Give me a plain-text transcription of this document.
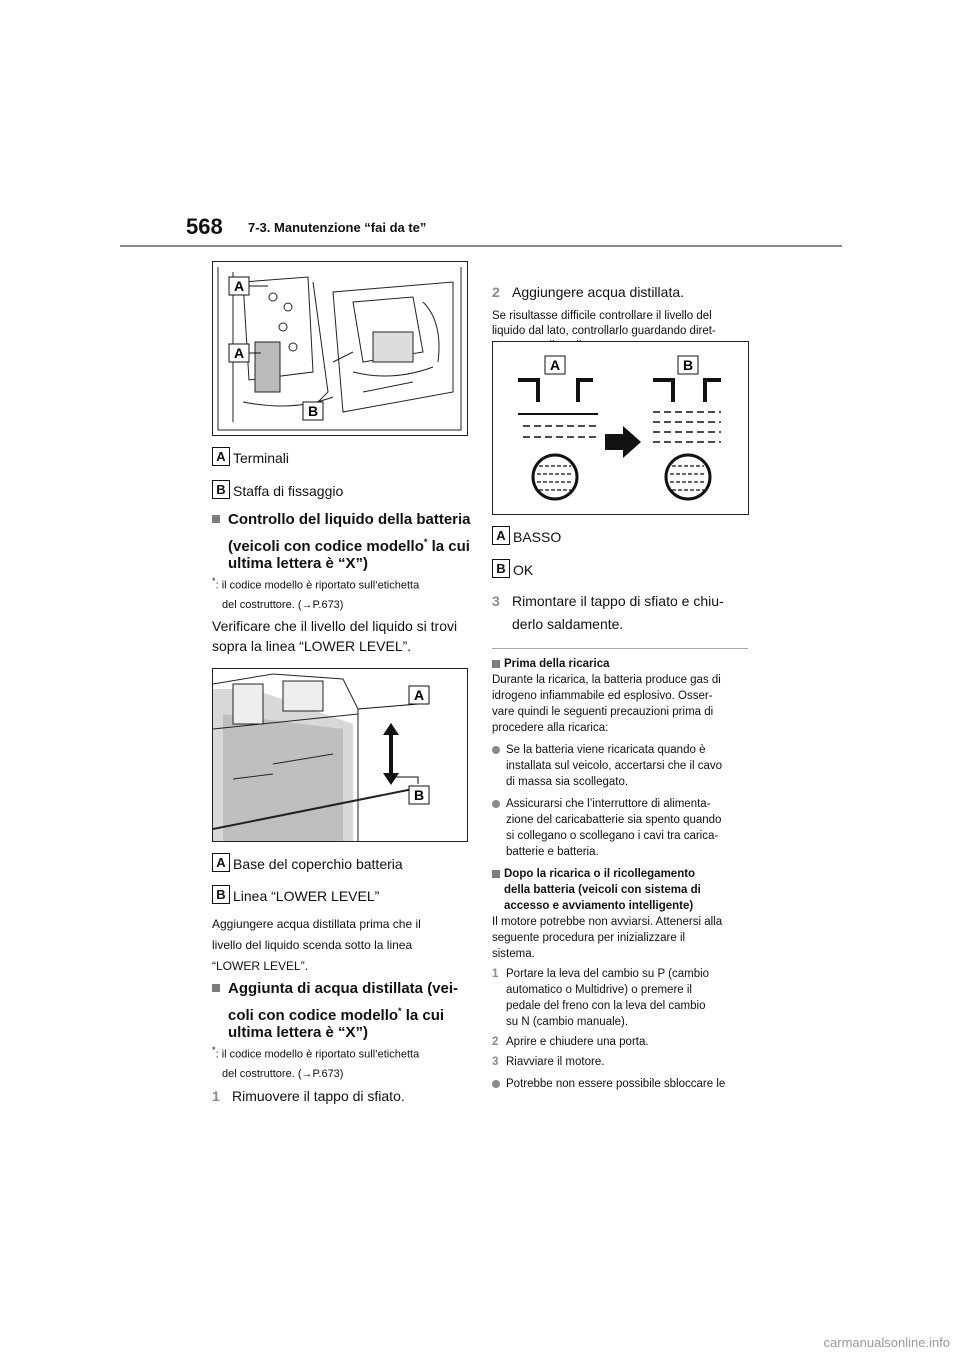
568 7-3. Manutenzione “fai da te”
A
A
B
A Terminali
B Staffa di fissaggio
Controllo del liquido della batteria
(veicoli con codice modello* la cui
ultima lettera è “X”)
*: il codice modello è riportato sull’etichetta
del costruttore. (→P.673)
Verificare che il livello del liquido si trovi
sopra la linea “LOWER LEVEL”.
A
B
A Base del coperchio batteria
B Linea “LOWER LEVEL”
Aggiungere acqua distillata prima che il
livello del liquido scenda sotto la linea
“LOWER LEVEL”.
Aggiunta di acqua distillata (vei-
coli con codice modello* la cui
ultima lettera è “X”)
*: il codice modello è riportato sull’etichetta
del costruttore. (→P.673)
1 Rimuovere il tappo di sfiato.
2 Aggiungere acqua distillata.
Se risultasse difficile controllare il livello del
liquido dal lato, controllarlo guardando diret-
A	B
A BASSO
B OK
3 Rimontare il tappo di sfiato e chiu-
derlo saldamente.
Prima della ricarica
Durante la ricarica, la batteria produce gas di
idrogeno infiammabile ed esplosivo. Osser-
vare quindi le seguenti precauzioni prima di
procedere alla ricarica:
Se la batteria viene ricaricata quando è
installata sul veicolo, accertarsi che il cavo
di massa sia scollegato.
Assicurarsi che l’interruttore di alimenta-
zione del caricabatterie sia spento quando
si collegano o scollegano i cavi tra carica-
batterie e batteria.
Dopo la ricarica o il ricollegamento
della batteria (veicoli con sistema di
accesso e avviamento intelligente)
Il motore potrebbe non avviarsi. Attenersi alla
seguente procedura per inizializzare il
sistema.
1 Portare la leva del cambio su P (cambio
automatico o Multidrive) o premere il
pedale del freno con la leva del cambio
su N (cambio manuale).
2 Aprire e chiudere una porta.
3 Riavviare il motore.
Potrebbe non essere possibile sbloccare le
carmanualsonline.info
